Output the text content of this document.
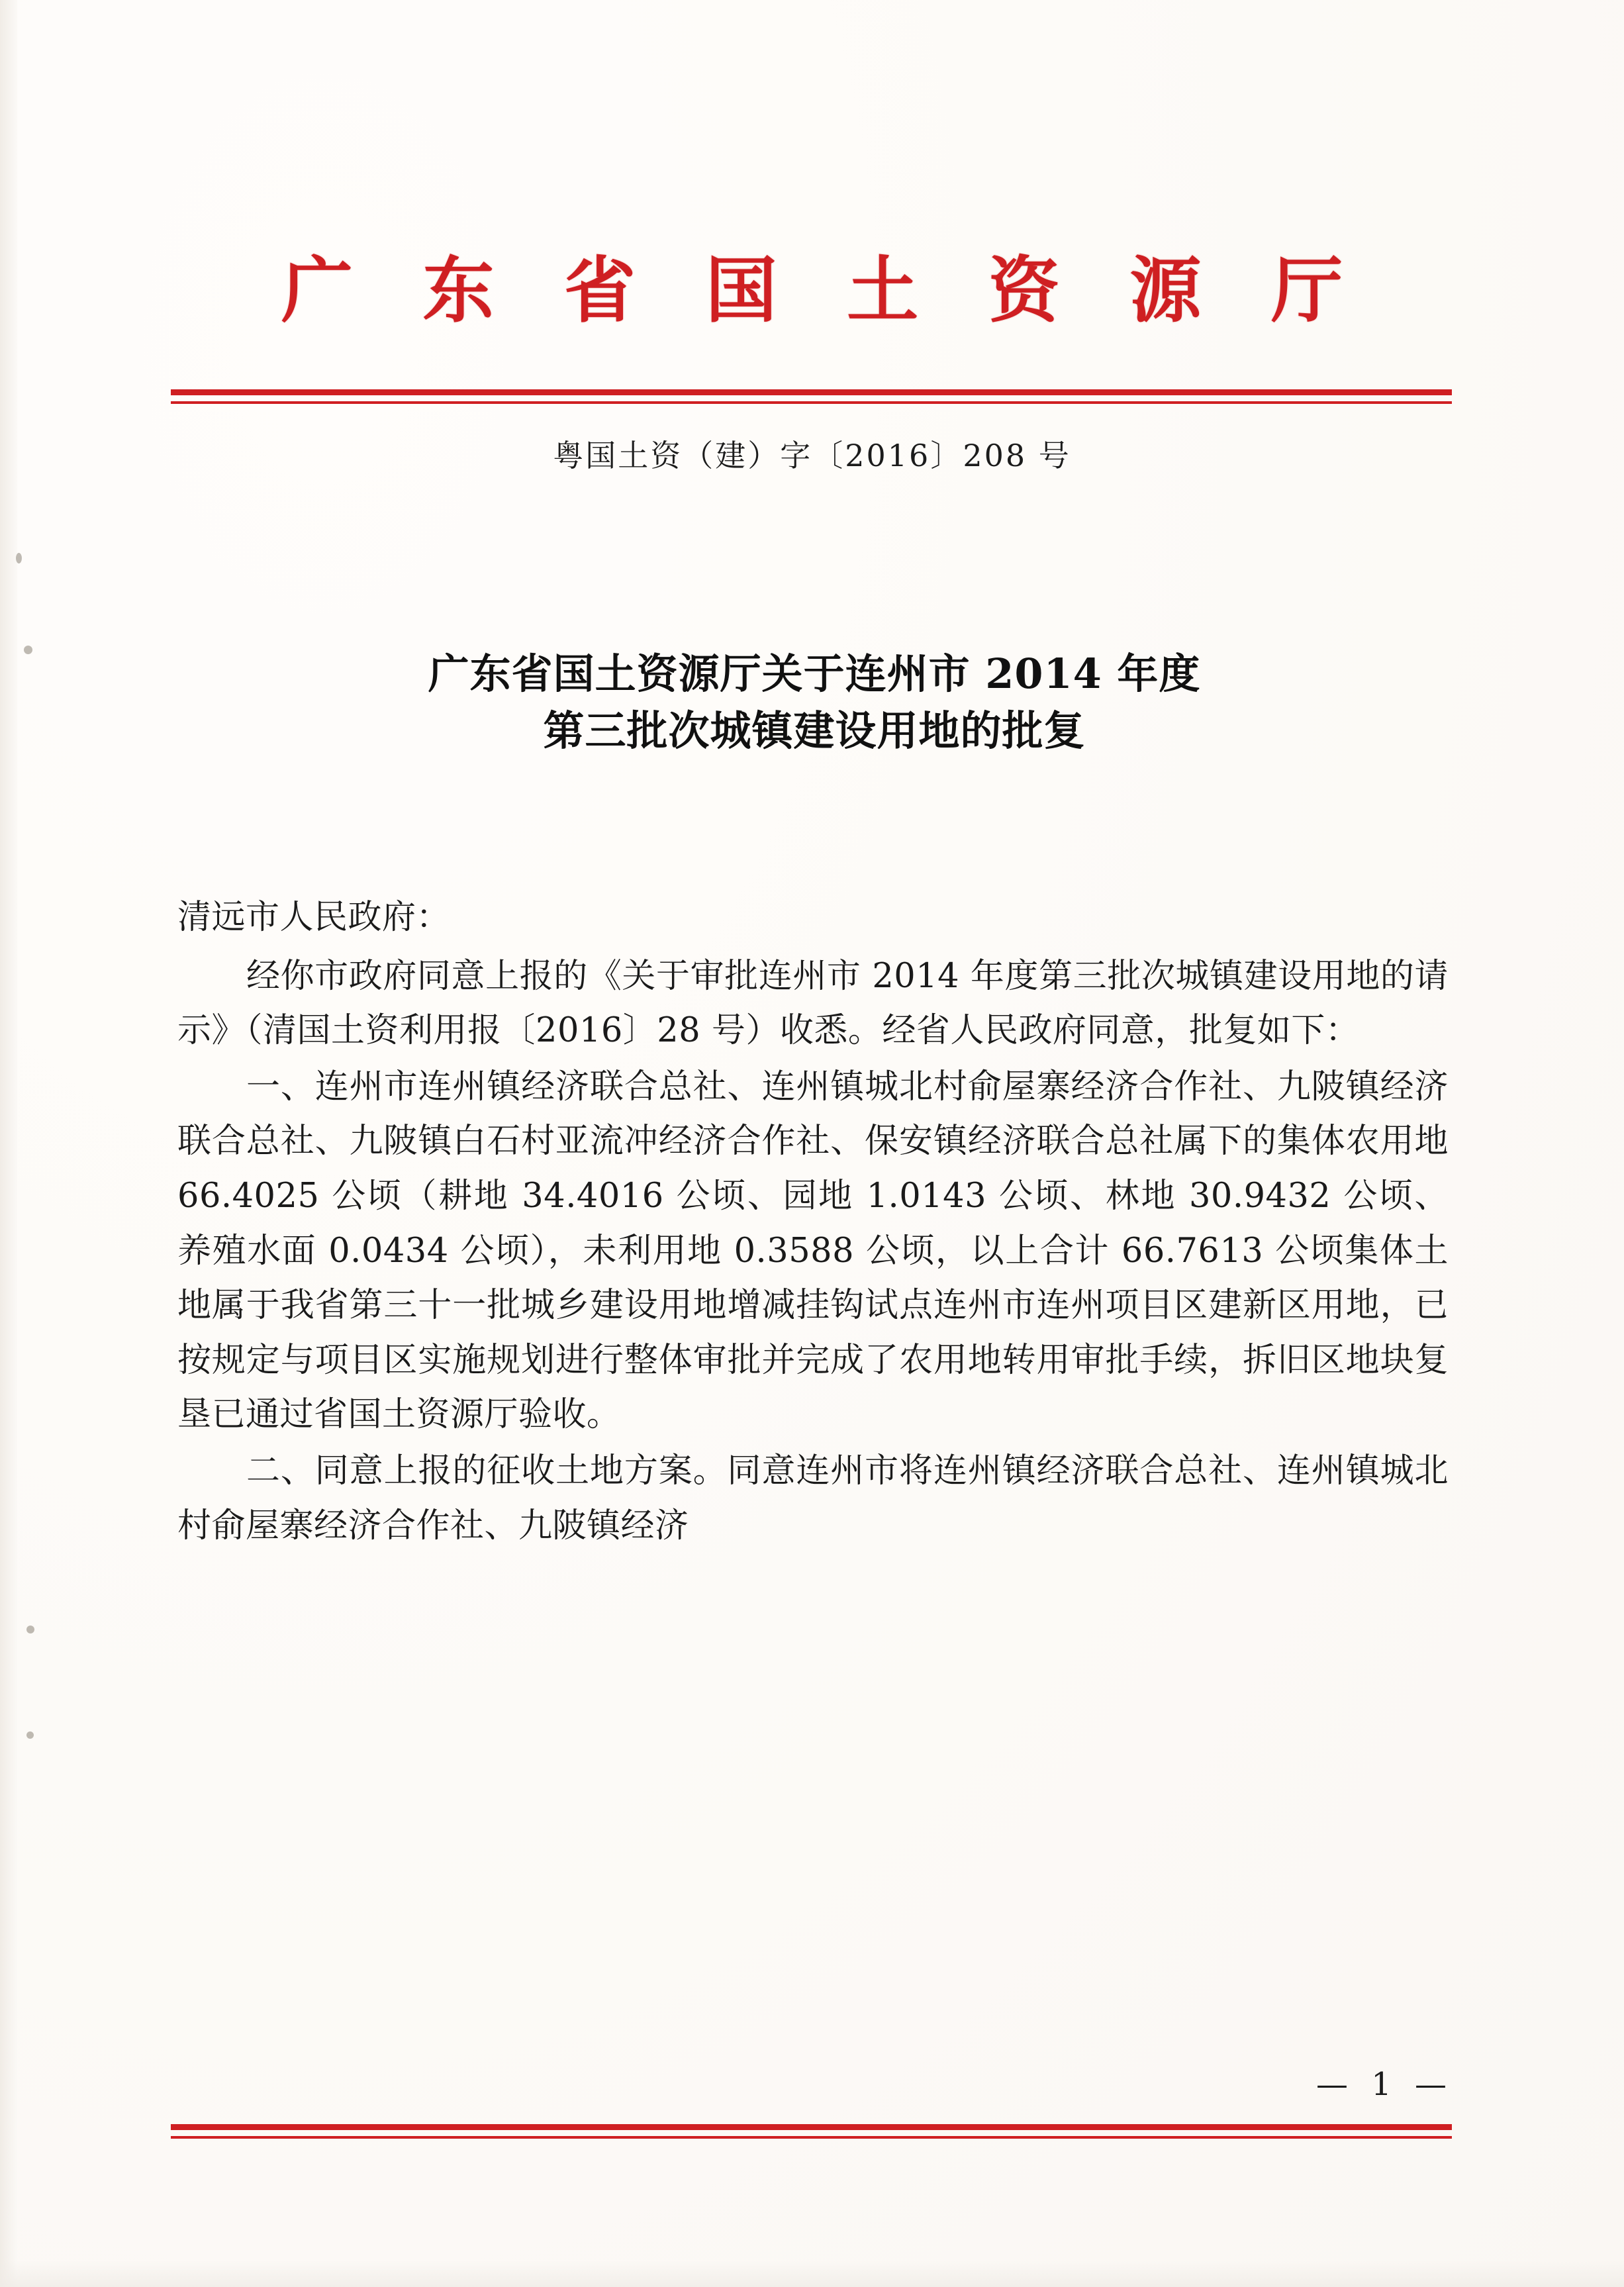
广 东 省 国 土 资 源 厅
粤国土资（建）字〔2016〕208 号
广东省国土资源厅关于连州市 2014 年度
第三批次城镇建设用地的批复

清远市人民政府：

经你市政府同意上报的《关于审批连州市 2014 年度第三批次城镇建设用地的请示》（清国土资利用报〔2016〕28 号）收悉。经省人民政府同意，批复如下：

一、连州市连州镇经济联合总社、连州镇城北村俞屋寨经济合作社、九陂镇经济联合总社、九陂镇白石村亚流冲经济合作社、保安镇经济联合总社属下的集体农用地 66.4025 公顷（耕地 34.4016 公顷、园地 1.0143 公顷、林地 30.9432 公顷、养殖水面 0.0434 公顷），未利用地 0.3588 公顷，以上合计 66.7613 公顷集体土地属于我省第三十一批城乡建设用地增减挂钩试点连州市连州项目区建新区用地，已按规定与项目区实施规划进行整体审批并完成了农用地转用审批手续，拆旧区地块复垦已通过省国土资源厅验收。

二、同意上报的征收土地方案。同意连州市将连州镇经济联合总社、连州镇城北村俞屋寨经济合作社、九陂镇经济

— 1 —
